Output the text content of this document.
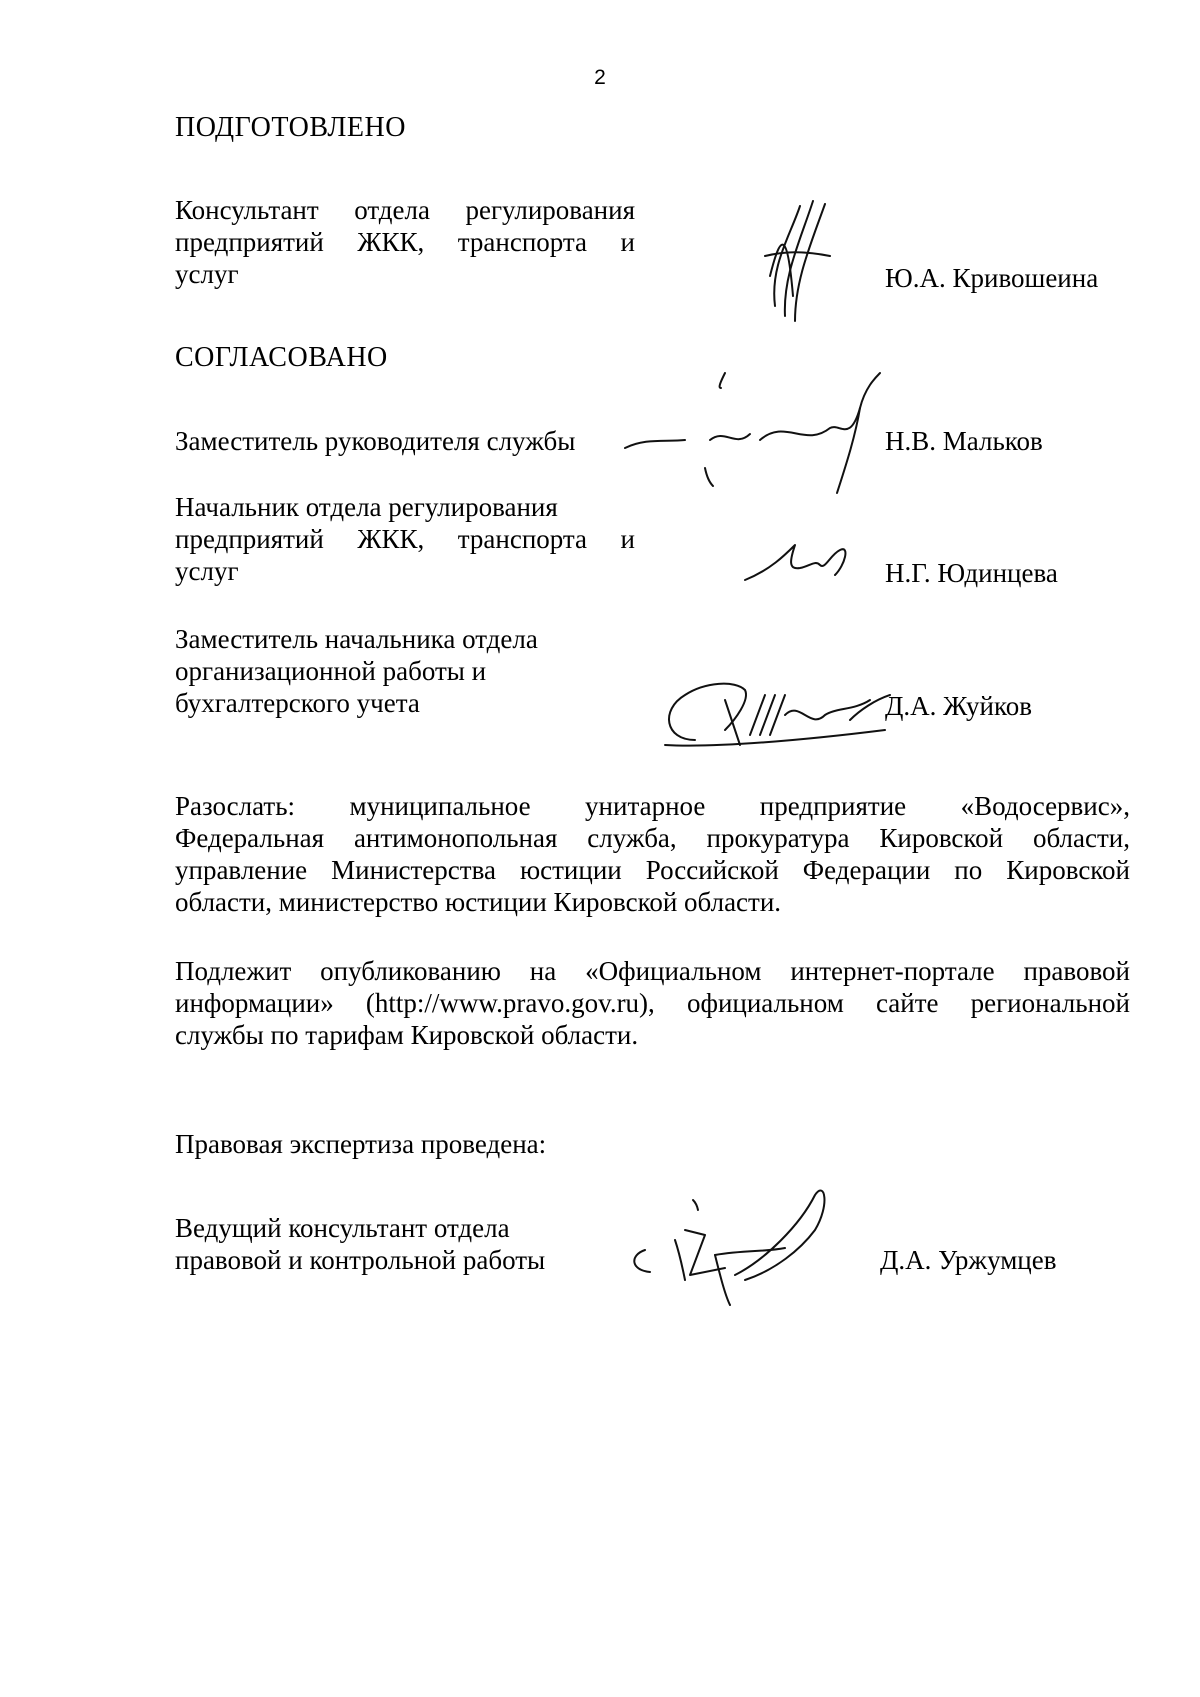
2
ПОДГОТОВЛЕНО
Консультант отдела регулирования
предприятий ЖКК, транспорта и
услуг	Ю.А. Кривошеина
СОГЛАСОВАНО
Заместитель руководителя службы	Н.В. Мальков
Начальник отдела регулирования
предприятий ЖКК, транспорта и
услуг	Н.Г. Юдинцева
Заместитель начальника отдела
организационной работы и
бухгалтерского учета	Д.А. Жуйков
Разослать: муниципальное унитарное предприятие «Водосервис»,
Федеральная антимонопольная служба, прокуратура Кировской области,
управление Министерства юстиции Российской Федерации по Кировской
области, министерство юстиции Кировской области.
Подлежит опубликованию на «Официальном интернет-портале правовой
информации» (http://www.pravo.gov.ru), официальном сайте региональной
службы по тарифам Кировской области.
Правовая экспертиза проведена:
Ведущий консультант отдела
правовой и контрольной работы	Д.А. Уржумцев
